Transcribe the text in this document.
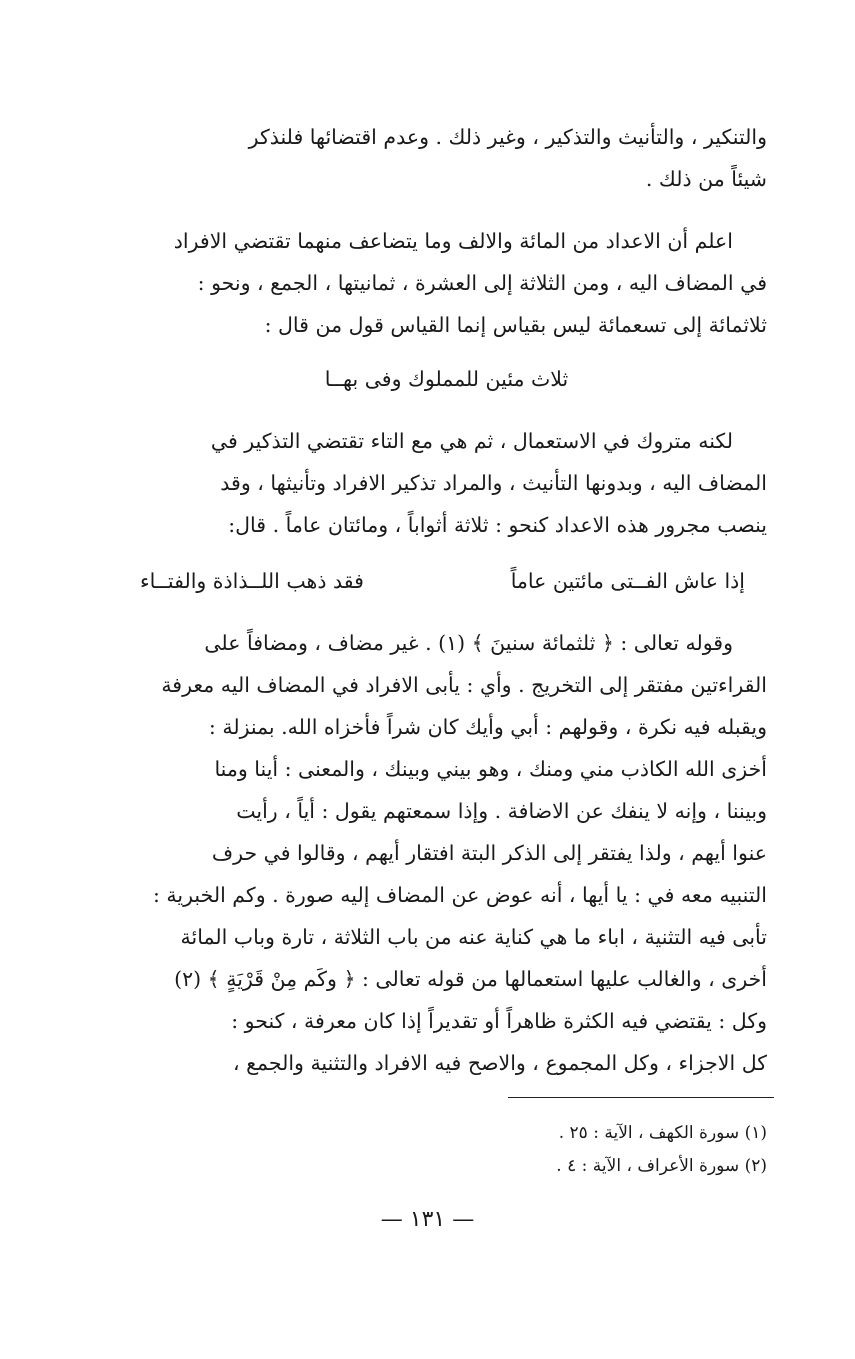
والتنكير ، والتأنيث والتذكير ، وغير ذلك . وعدم اقتضائها فلنذكر
شيئاً من ذلك .

اعلم أن الاعداد من المائة والالف وما يتضاعف منهما تقتضي الافراد
في المضاف اليه ، ومن الثلاثة إلى العشرة ، ثمانيتها ، الجمع ، ونحو :
ثلاثمائة إلى تسعمائة ليس بقياس إنما القياس قول من قال :

ثلاث مئين للمملوك وفى بهــا

لكنه متروك في الاستعمال ، ثم هي مع التاء تقتضي التذكير في
المضاف اليه ، وبدونها التأنيث ، والمراد تذكير الافراد وتأنيثها ، وقد
ينصب مجرور هذه الاعداد كنحو : ثلاثة أثواباً ، ومائتان عاماً . قال:

إذا عاش الفــتى مائتين عاماً
فقد ذهب اللــذاذة والفتــاء

وقوله تعالى : ﴿ ثلثمائة سنينَ ﴾ (١) . غير مضاف ، ومضافاً على
القراءتين مفتقر إلى التخريج . وأي : يأبى الافراد في المضاف اليه معرفة
ويقبله فيه نكرة ، وقولهم : أبي وأيك كان شراً فأخزاه الله. بمنزلة :
أخزى الله الكاذب مني ومنك ، وهو بيني وبينك ، والمعنى : أينا ومنا
وبيننا ، وإنه لا ينفك عن الاضافة . وإذا سمعتهم يقول : أياً ، رأيت
عنوا أيهم ، ولذا يفتقر إلى الذكر البتة افتقار أيهم ، وقالوا في حرف
التنبيه معه في : يا أيها ، أنه عوض عن المضاف إليه صورة . وكم الخبرية :
تأبى فيه التثنية ، اباء ما هي كناية عنه من باب الثلاثة ، تارة وباب المائة
أخرى ، والغالب عليها استعمالها من قوله تعالى : ﴿ وكَم مِنْ قَرْيَةٍ ﴾ (٢)
وكل : يقتضي فيه الكثرة ظاهراً أو تقديراً إذا كان معرفة ، كنحو :
كل الاجزاء ، وكل المجموع ، والاصح فيه الافراد والتثنية والجمع ،

(١) سورة الكهف ، الآية : ٢٥ .
(٢) سورة الأعراف ، الآية : ٤ .
— ١٣١ —
